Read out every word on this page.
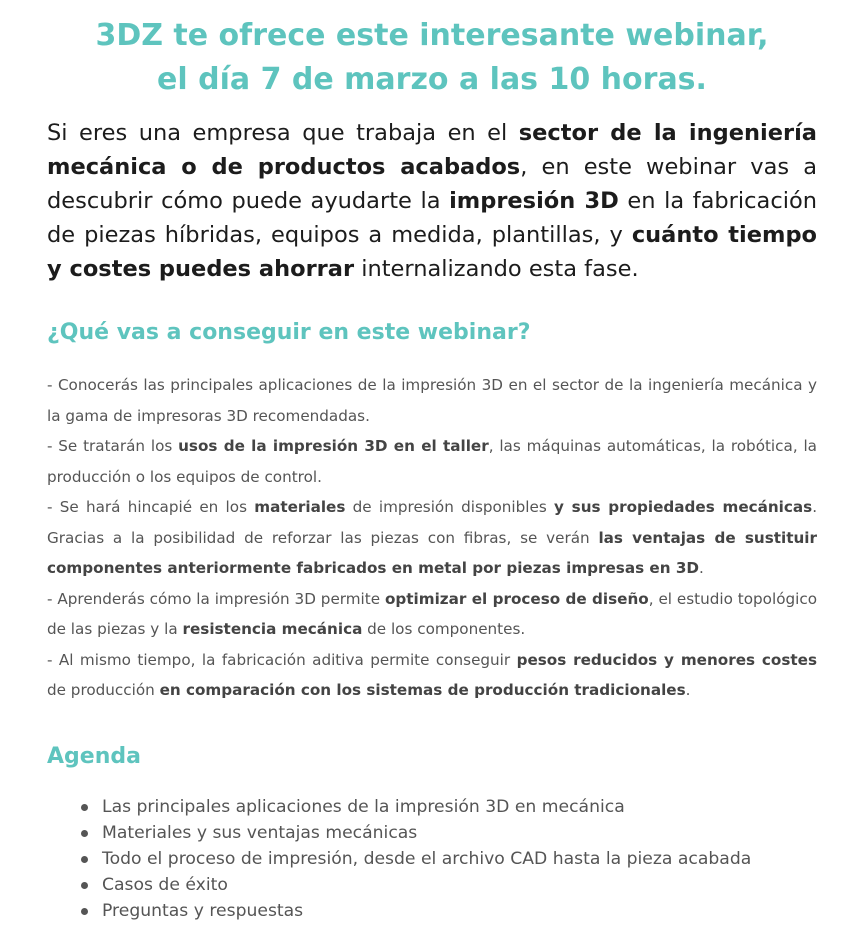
3DZ te ofrece este interesante webinar,
el día 7 de marzo a las 10 horas.

Si eres una empresa que trabaja en el sector de la ingeniería mecánica o de productos acabados, en este webinar vas a descubrir cómo puede ayudarte la impresión 3D en la fabricación de piezas híbridas, equipos a medida, plantillas, y cuánto tiempo y costes puedes ahorrar internalizando esta fase.

¿Qué vas a conseguir en este webinar?

- Conocerás las principales aplicaciones de la impresión 3D en el sector de la ingeniería mecánica y la gama de impresoras 3D recomendadas.

- Se tratarán los usos de la impresión 3D en el taller, las máquinas automáticas, la robótica, la producción o los equipos de control.

- Se hará hincapié en los materiales de impresión disponibles y sus propiedades mecánicas. Gracias a la posibilidad de reforzar las piezas con fibras, se verán las ventajas de sustituir componentes anteriormente fabricados en metal por piezas impresas en 3D.

- Aprenderás cómo la impresión 3D permite optimizar el proceso de diseño, el estudio topológico de las piezas y la resistencia mecánica de los componentes.

- Al mismo tiempo, la fabricación aditiva permite conseguir pesos reducidos y menores costes de producción en comparación con los sistemas de producción tradicionales.

Agenda
Las principales aplicaciones de la impresión 3D en mecánica
Materiales y sus ventajas mecánicas
Todo el proceso de impresión, desde el archivo CAD hasta la pieza acabada
Casos de éxito
Preguntas y respuestas
